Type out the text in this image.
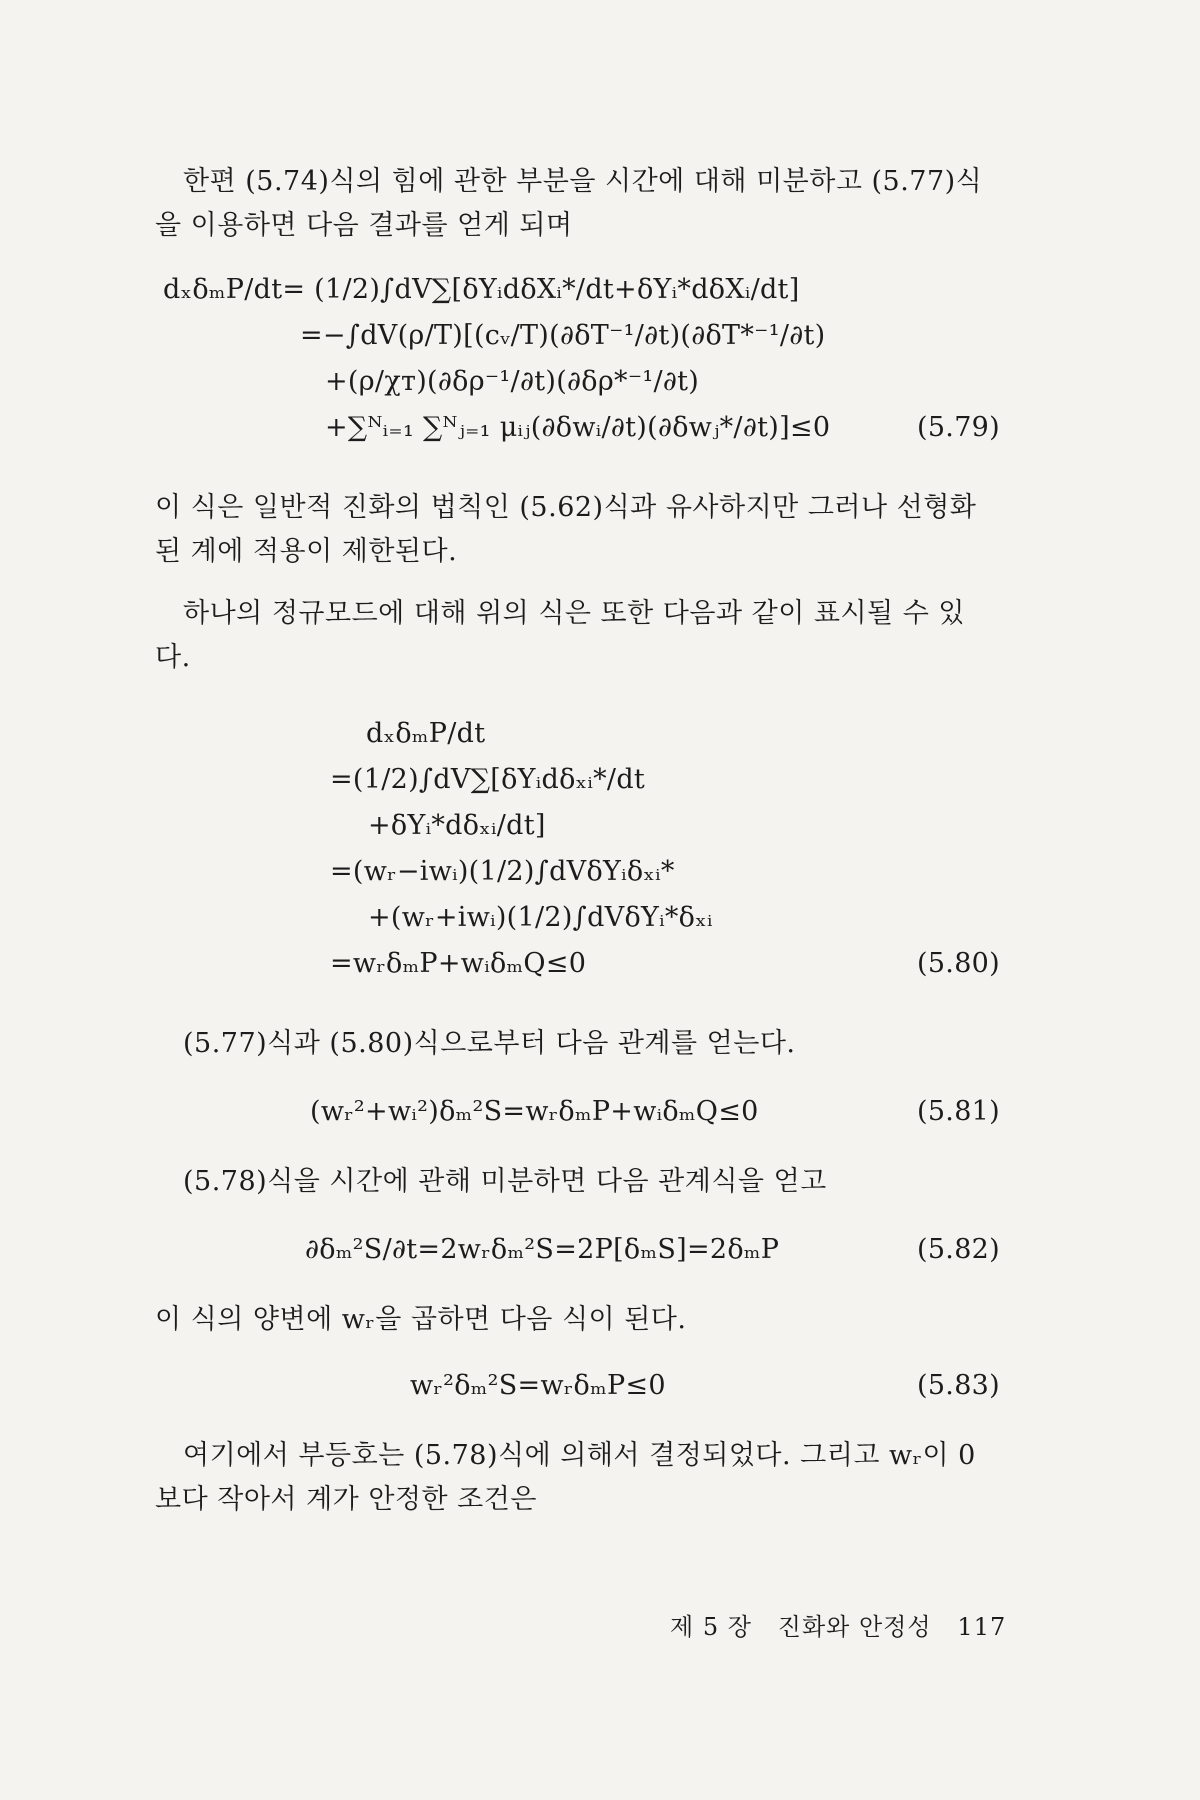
한편 (5.74)식의 힘에 관한 부분을 시간에 대해 미분하고 (5.77)식
을 이용하면 다음 결과를 얻게 되며
dₓδₘP/dt= (1/2)∫dV∑[δYᵢdδXᵢ*/dt+δYᵢ*dδXᵢ/dt]
=−∫dV(ρ/T)[(cᵥ/T)(∂δT⁻¹/∂t)(∂δT*⁻¹/∂t)
+(ρ/χᴛ)(∂δρ⁻¹/∂t)(∂δρ*⁻¹/∂t)
+∑ᴺᵢ₌₁ ∑ᴺⱼ₌₁ μᵢⱼ(∂δwᵢ/∂t)(∂δwⱼ*/∂t)]≤0	(5.79)
이 식은 일반적 진화의 법칙인 (5.62)식과 유사하지만 그러나 선형화
된 계에 적용이 제한된다.
하나의 정규모드에 대해 위의 식은 또한 다음과 같이 표시될 수 있
다.
dₓδₘP/dt
=(1/2)∫dV∑[δYᵢdδₓᵢ*/dt
+δYᵢ*dδₓᵢ/dt]
=(wᵣ−iwᵢ)(1/2)∫dVδYᵢδₓᵢ*
+(wᵣ+iwᵢ)(1/2)∫dVδYᵢ*δₓᵢ
=wᵣδₘP+wᵢδₘQ≤0	(5.80)
(5.77)식과 (5.80)식으로부터 다음 관계를 얻는다.
(wᵣ²+wᵢ²)δₘ²S=wᵣδₘP+wᵢδₘQ≤0	(5.81)
(5.78)식을 시간에 관해 미분하면 다음 관계식을 얻고
∂δₘ²S/∂t=2wᵣδₘ²S=2P[δₘS]=2δₘP	(5.82)
이 식의 양변에 wᵣ을 곱하면 다음 식이 된다.
wᵣ²δₘ²S=wᵣδₘP≤0	(5.83)
여기에서 부등호는 (5.78)식에 의해서 결정되었다. 그리고 wᵣ이 0
보다 작아서 계가 안정한 조건은
제 5 장 진화와 안정성 117
